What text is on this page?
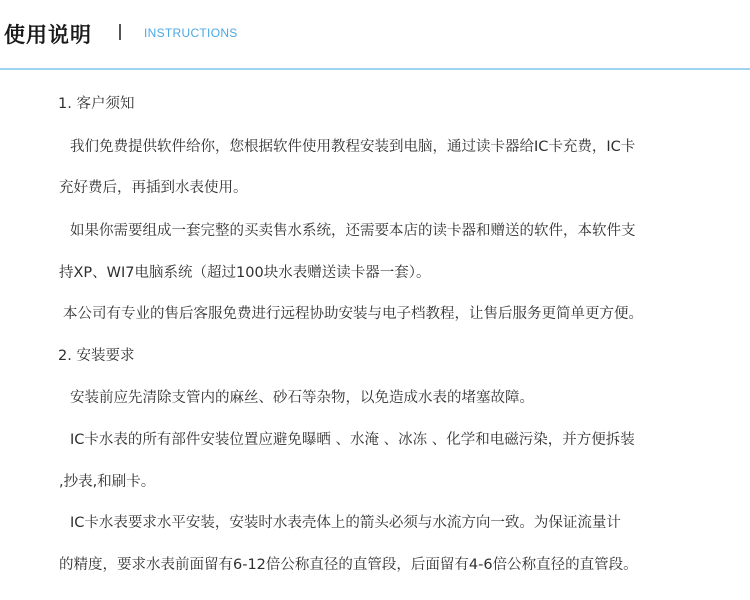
使用说明	INSTRUCTIONS
1. 客户须知
我们免费提供软件给你，您根据软件使用教程安装到电脑，通过读卡器给IC卡充费，IC卡
充好费后，再插到水表使用。
如果你需要组成一套完整的买卖售水系统，还需要本店的读卡器和赠送的软件，本软件支
持XP、WI7电脑系统（超过100块水表赠送读卡器一套）。
本公司有专业的售后客服免费进行远程协助安装与电子档教程，让售后服务更简单更方便。
2. 安装要求
安装前应先清除支管内的麻丝、砂石等杂物，以免造成水表的堵塞故障。
IC卡水表的所有部件安装位置应避免曝晒 、水淹 、冰冻 、化学和电磁污染，并方便拆装
,抄表,和刷卡。
IC卡水表要求水平安装，安装时水表壳体上的箭头必须与水流方向一致。为保证流量计
的精度，要求水表前面留有6-12倍公称直径的直管段，后面留有4-6倍公称直径的直管段。
